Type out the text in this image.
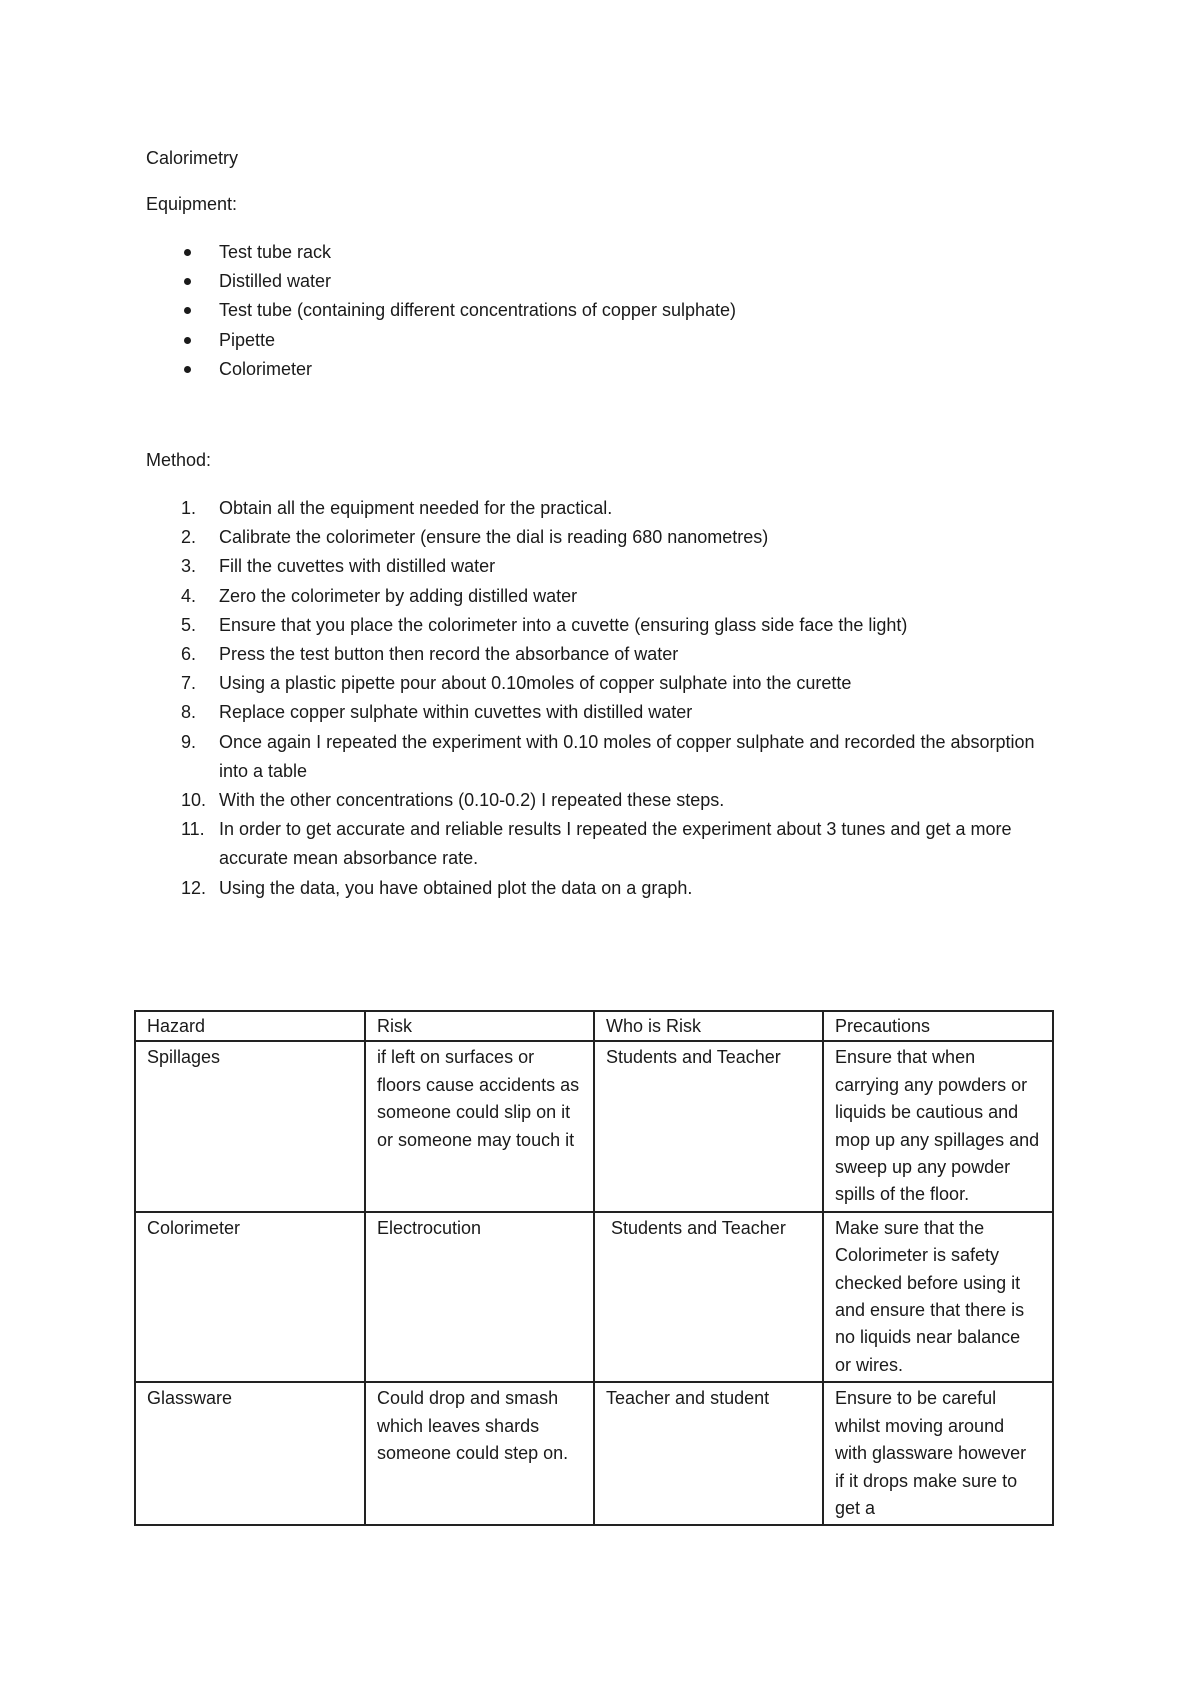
Calorimetry

Equipment:

Test tube rack
Distilled water
Test tube (containing different concentrations of copper sulphate)
Pipette
Colorimeter

Method:

1. Obtain all the equipment needed for the practical.
2. Calibrate the colorimeter (ensure the dial is reading 680 nanometres)
3. Fill the cuvettes with distilled water
4. Zero the colorimeter by adding distilled water
5. Ensure that you place the colorimeter into a cuvette (ensuring glass side face the light)
6. Press the test button then record the absorbance of water
7. Using a plastic pipette pour about 0.10moles of copper sulphate into the curette
8. Replace copper sulphate within cuvettes with distilled water
9. Once again I repeated the experiment with 0.10 moles of copper sulphate and recorded the absorption into a table
10. With the other concentrations (0.10-0.2) I repeated these steps.
11. In order to get accurate and reliable results I repeated the experiment about 3 tunes and get a more accurate mean absorbance rate.
12. Using the data, you have obtained plot the data on a graph.
Hazard	Risk	Who is Risk	Precautions
Spillages	if left on surfaces or floors cause accidents as someone could slip on it or someone may touch it	Students and Teacher	Ensure that when carrying any powders or liquids be cautious and mop up any spillages and sweep up any powder spills of the floor.
Colorimeter	Electrocution	Students and Teacher	Make sure that the Colorimeter is safety checked before using it and ensure that there is no liquids near balance or wires.
Glassware	Could drop and smash which leaves shards someone could step on.	Teacher and student	Ensure to be careful whilst moving around with glassware however if it drops make sure to get a
